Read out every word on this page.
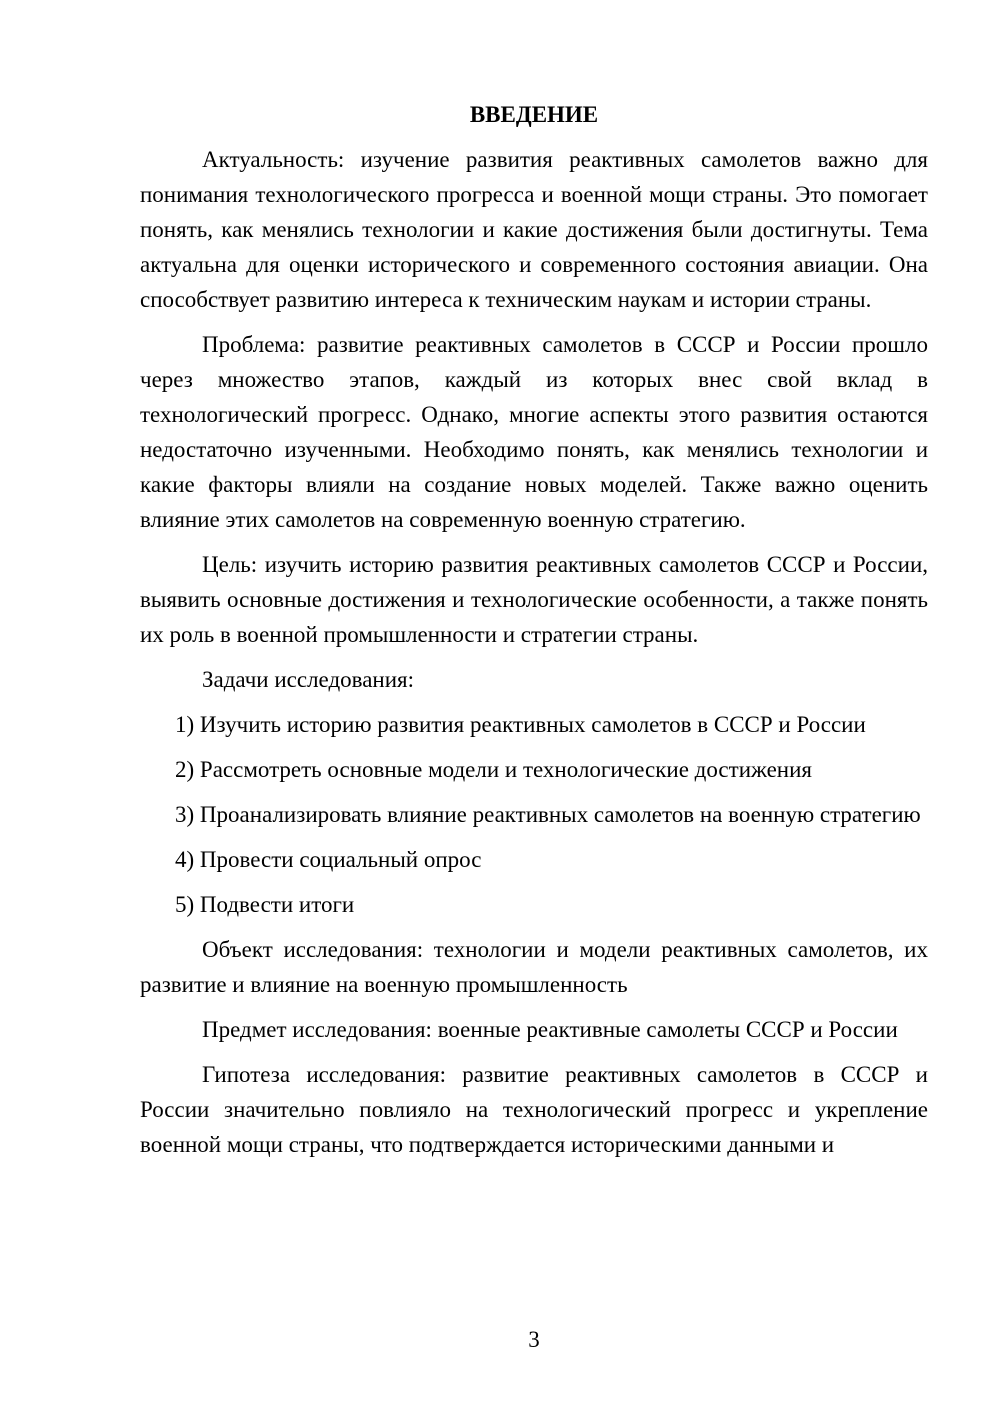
ВВЕДЕНИЕ

Актуальность: изучение развития реактивных самолетов важно для понимания технологического прогресса и военной мощи страны. Это помогает понять, как менялись технологии и какие достижения были достигнуты. Тема актуальна для оценки исторического и современного состояния авиации. Она способствует развитию интереса к техническим наукам и истории страны.

Проблема: развитие реактивных самолетов в СССР и России прошло через множество этапов, каждый из которых внес свой вклад в технологический прогресс. Однако, многие аспекты этого развития остаются недостаточно изученными. Необходимо понять, как менялись технологии и какие факторы влияли на создание новых моделей. Также важно оценить влияние этих самолетов на современную военную стратегию.

Цель: изучить историю развития реактивных самолетов СССР и России, выявить основные достижения и технологические особенности, а также понять их роль в военной промышленности и стратегии страны.

Задачи исследования:

1) Изучить историю развития реактивных самолетов в СССР и России

2) Рассмотреть основные модели и технологические достижения

3) Проанализировать влияние реактивных самолетов на военную стратегию

4) Провести социальный опрос

5) Подвести итоги

Объект исследования: технологии и модели реактивных самолетов, их развитие и влияние на военную промышленность

Предмет исследования: военные реактивные самолеты СССР и России

Гипотеза исследования: развитие реактивных самолетов в СССР и России значительно повлияло на технологический прогресс и укрепление военной мощи страны, что подтверждается историческими данными и

3
